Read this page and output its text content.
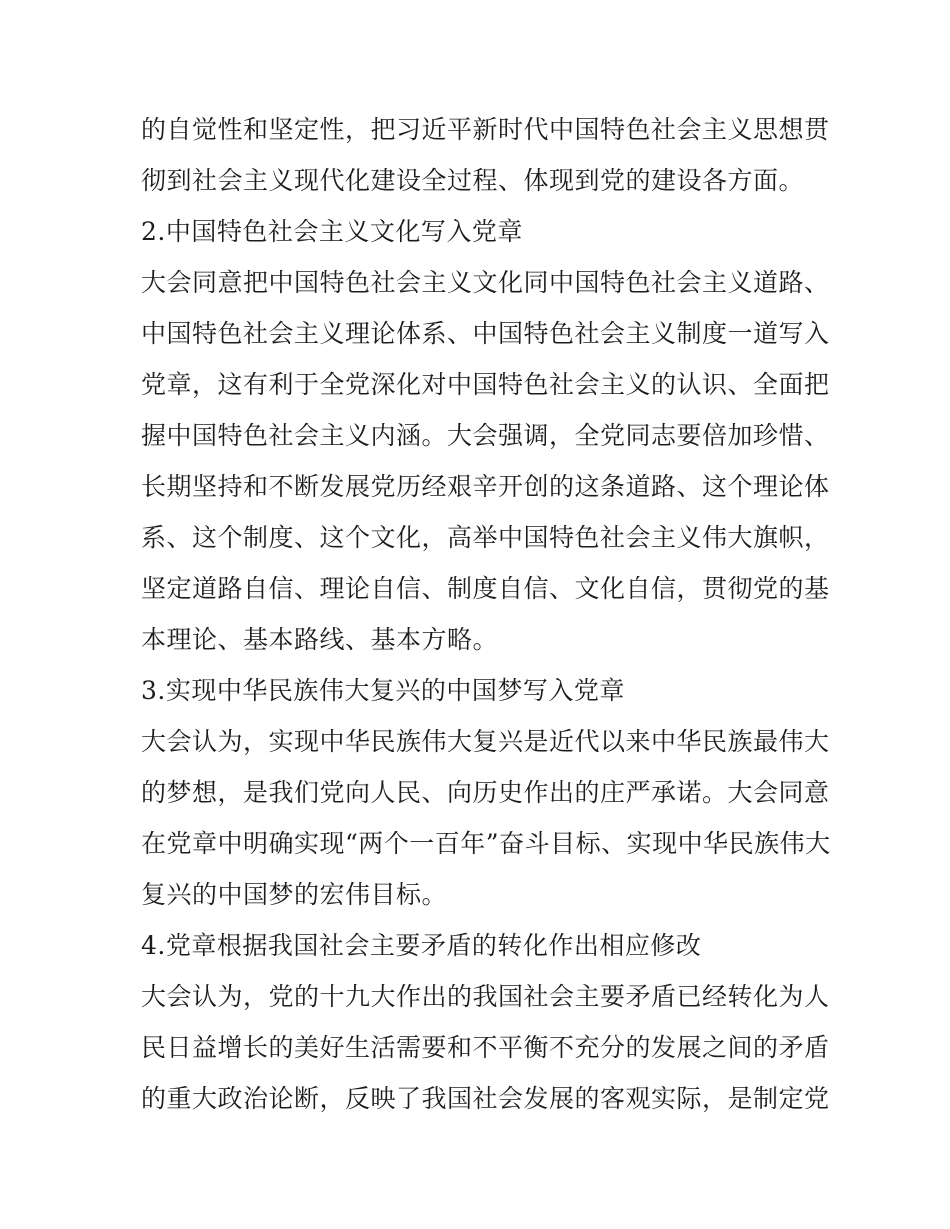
的自觉性和坚定性，把习近平新时代中国特色社会主义思想贯
彻到社会主义现代化建设全过程、体现到党的建设各方面。
2.中国特色社会主义文化写入党章
大会同意把中国特色社会主义文化同中国特色社会主义道路、
中国特色社会主义理论体系、中国特色社会主义制度一道写入
党章，这有利于全党深化对中国特色社会主义的认识、全面把
握中国特色社会主义内涵。大会强调，全党同志要倍加珍惜、
长期坚持和不断发展党历经艰辛开创的这条道路、这个理论体
系、这个制度、这个文化，高举中国特色社会主义伟大旗帜，
坚定道路自信、理论自信、制度自信、文化自信，贯彻党的基
本理论、基本路线、基本方略。
3.实现中华民族伟大复兴的中国梦写入党章
大会认为，实现中华民族伟大复兴是近代以来中华民族最伟大
的梦想，是我们党向人民、向历史作出的庄严承诺。大会同意
在党章中明确实现“两个一百年”奋斗目标、实现中华民族伟大
复兴的中国梦的宏伟目标。
4.党章根据我国社会主要矛盾的转化作出相应修改
大会认为，党的十九大作出的我国社会主要矛盾已经转化为人
民日益增长的美好生活需要和不平衡不充分的发展之间的矛盾
的重大政治论断，反映了我国社会发展的客观实际，是制定党
